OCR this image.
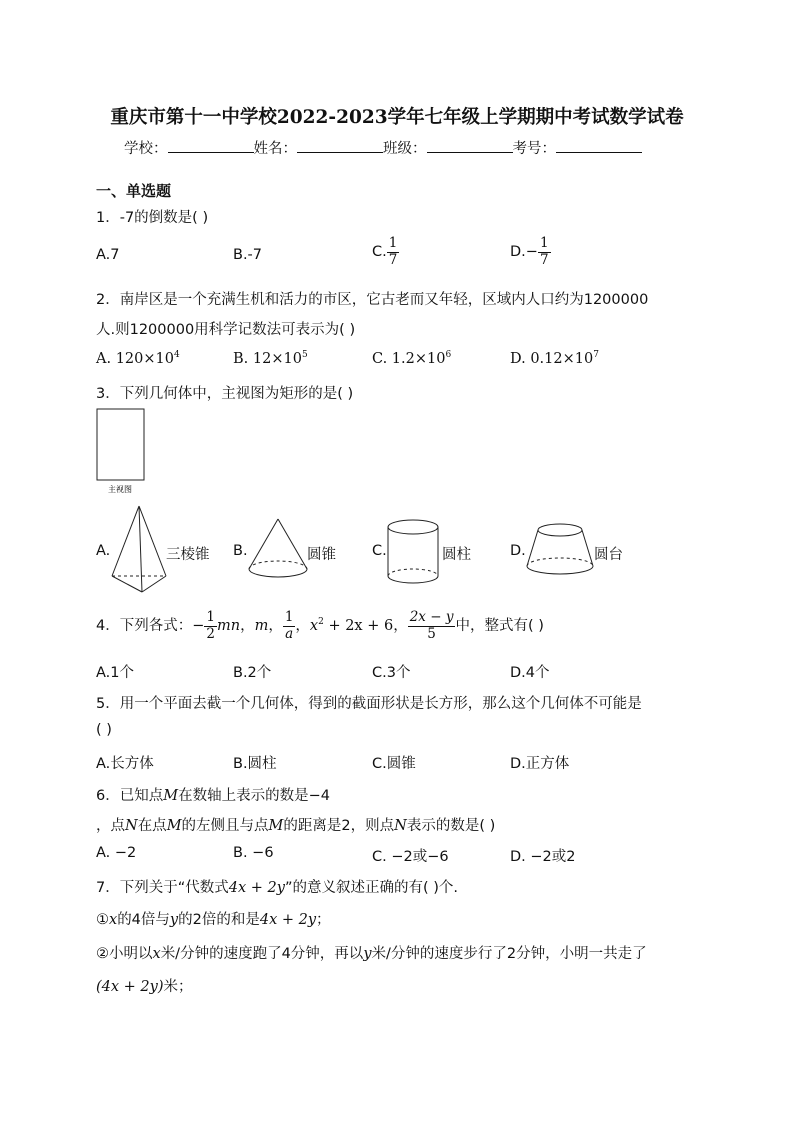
重庆市第十一中学校2022-2023学年七年级上学期期中考试数学试卷
学校：	姓名：	班级：	考号：
一、单选题
1．-7的倒数是( )
A.7	B.-7	C. $\frac{1}{7}$	$D.- \frac{1}{7}$
2．南岸区是一个充满生机和活力的市区，它古老而又年轻，区域内人口约为1200000
人.则1200000用科学记数法可表示为( )
A. $120\times 10^4$	B. $12\times 10^5$	C. $1.2\times 10^6$	D. $0.12\times 10^7$
3．下列几何体中，主视图为矩形的是( )
主视图
A.	三棱锥 B.	圆锥 C.	圆柱	D.	圆台
4．下列各式：− $\frac{1}{2}$ mn，m， $\frac{1}{a}$ ，$x^2 + 2x + 6$， $\frac{2x - y}{5}$ 中，整式有( )
A.1个	B.2个	C.3个	D.4个
5．用一个平面去截一个几何体，得到的截面形状是长方形，那么这个几何体不可能是
( )
A.长方体	B.圆柱	C.圆锥	D.正方体
6．已知点M在数轴上表示的数是−4
，点N在点M的左侧且与点M的距离是2，则点N表示的数是( )
A. −2	B. −6	C. −2或−6	D. −2或2
7．下列关于“代数式4x + 2y”的意义叙述正确的有( )个.
①x的4倍与y的2倍的和是4x + 2y；
②小明以x米/分钟的速度跑了4分钟，再以y米/分钟的速度步行了2分钟，小明一共走了
(4x + 2y)米；
